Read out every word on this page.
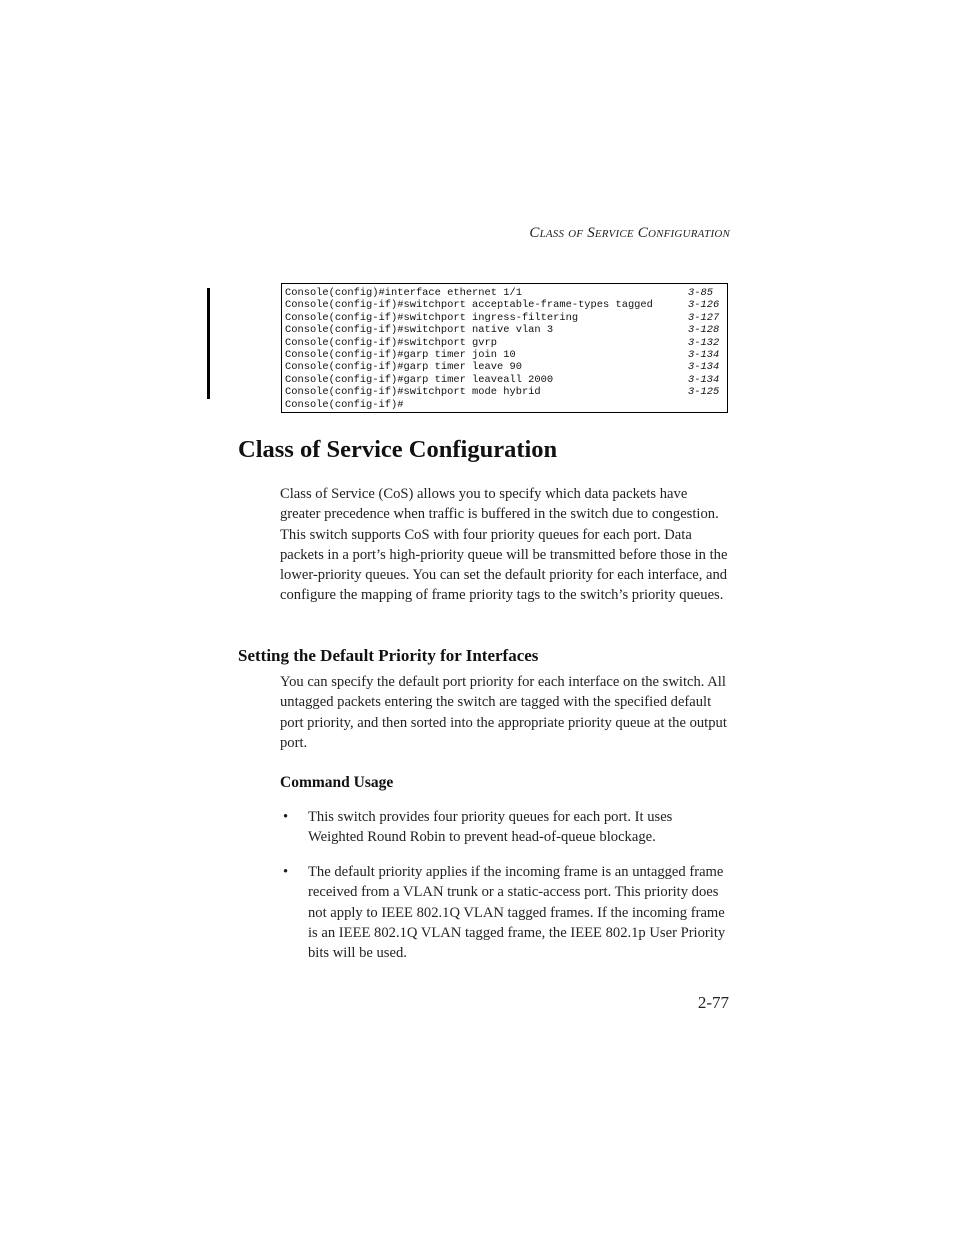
CLASS OF SERVICE CONFIGURATION
Console(config)#interface ethernet 1/1	3-85
Console(config-if)#switchport acceptable-frame-types tagged	3-126
Console(config-if)#switchport ingress-filtering	3-127
Console(config-if)#switchport native vlan 3	3-128
Console(config-if)#switchport gvrp	3-132
Console(config-if)#garp timer join 10	3-134
Console(config-if)#garp timer leave 90	3-134
Console(config-if)#garp timer leaveall 2000	3-134
Console(config-if)#switchport mode hybrid	3-125
Console(config-if)#
Class of Service Configuration

Class of Service (CoS) allows you to specify which data packets have greater precedence when traffic is buffered in the switch due to congestion. This switch supports CoS with four priority queues for each port. Data packets in a port’s high-priority queue will be transmitted before those in the lower-priority queues. You can set the default priority for each interface, and configure the mapping of frame priority tags to the switch’s priority queues.

Setting the Default Priority for Interfaces

You can specify the default port priority for each interface on the switch. All untagged packets entering the switch are tagged with the specified default port priority, and then sorted into the appropriate priority queue at the output port.

Command Usage
• This switch provides four priority queues for each port. It uses Weighted Round Robin to prevent head-of-queue blockage.

• The default priority applies if the incoming frame is an untagged frame received from a VLAN trunk or a static-access port. This priority does not apply to IEEE 802.1Q VLAN tagged frames. If the incoming frame is an IEEE 802.1Q VLAN tagged frame, the IEEE 802.1p User Priority bits will be used.

2-77
